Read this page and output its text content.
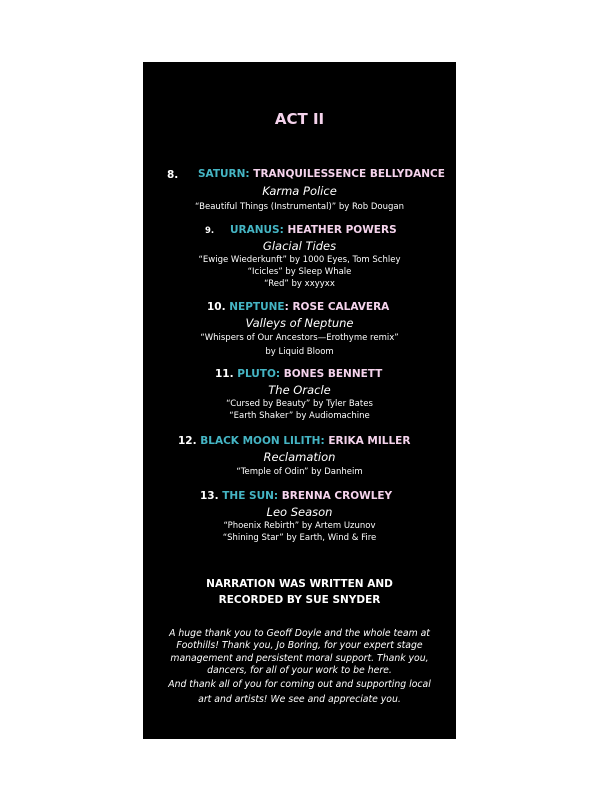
ACT II
8. SATURN: TRANQUILESSENCE BELLYDANCE
Karma Police
“Beautiful Things (Instrumental)” by Rob Dougan
9. URANUS: HEATHER POWERS
Glacial Tides
“Ewige Wiederkunft” by 1000 Eyes, Tom Schley
“Icicles” by Sleep Whale
“Red” by xxyyxx
10. NEPTUNE: ROSE CALAVERA
Valleys of Neptune
“Whispers of Our Ancestors—Erothyme remix”
by Liquid Bloom
11. PLUTO: BONES BENNETT
The Oracle
“Cursed by Beauty” by Tyler Bates
“Earth Shaker” by Audiomachine
12. BLACK MOON LILITH: ERIKA MILLER
Reclamation
“Temple of Odin” by Danheim
13. THE SUN: BRENNA CROWLEY
Leo Season
“Phoenix Rebirth” by Artem Uzunov
“Shining Star” by Earth, Wind & Fire
NARRATION WAS WRITTEN AND
RECORDED BY SUE SNYDER
A huge thank you to Geoff Doyle and the whole team at Foothills! Thank you, Jo Boring, for your expert stage management and persistent moral support. Thank you, dancers, for all of your work to be here.
And thank all of you for coming out and supporting local art and artists! We see and appreciate you.
